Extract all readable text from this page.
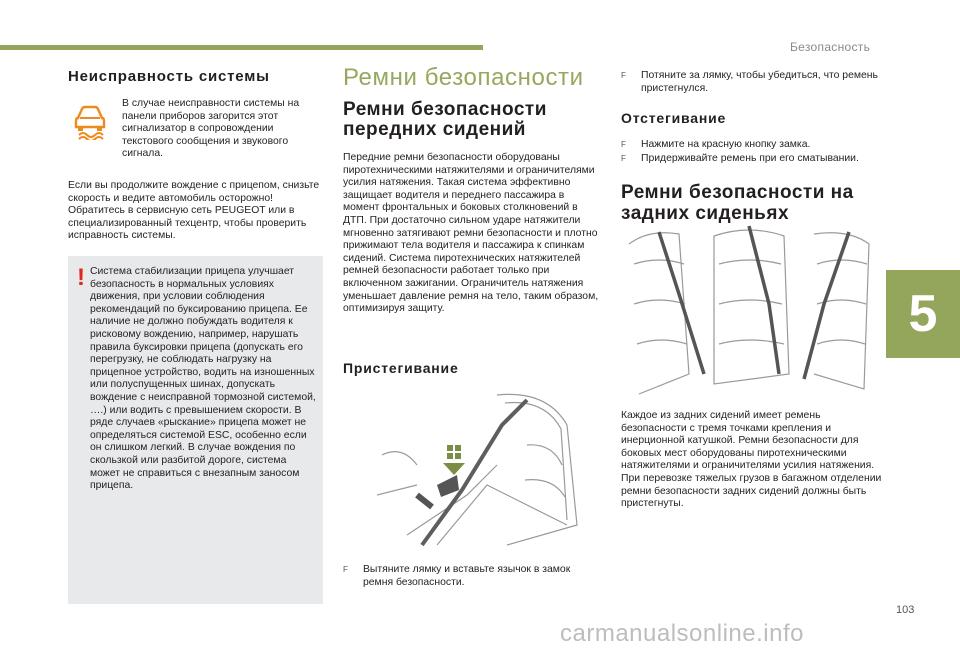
Безопасность
5
103
Неисправность системы
В случае неисправности системы на панели приборов загорится этот сигнализатор в сопровождении текстового сообщения и звукового сигнала.
Если вы продолжите вождение с прицепом, снизьте скорость и ведите автомобиль осторожно! Обратитесь в сервисную сеть PEUGEOT или в специализированный техцентр, чтобы проверить исправность системы.
! Система стабилизации прицепа улучшает безопасность в нормальных условиях движения, при условии соблюдения рекомендаций по буксированию прицепа. Ее наличие не должно побуждать водителя к рисковому вождению, например, нарушать правила буксировки прицепа (допускать его перегрузку, не соблюдать нагрузку на прицепное устройство, водить на изношенных или полуспущенных шинах, допускать вождение с неисправной тормозной системой, ….) или водить с превышением скорости. В ряде случаев «рыскание» прицепа может не определяться системой ESC, особенно если он слишком легкий. В случае вождения по скользкой или разбитой дороге, система может не справиться с внезапным заносом прицепа.
Ремни безопасности
Ремни безопасности передних сидений
Передние ремни безопасности оборудованы пиротехническими натяжителями и ограничителями усилия натяжения. Такая система эффективно защищает водителя и переднего пассажира в момент фронтальных и боковых столкновений в ДТП. При достаточно сильном ударе натяжители мгновенно затягивают ремни безопасности и плотно прижимают тела водителя и пассажира к спинкам сидений. Система пиротехнических натяжителей ремней безопасности работает только при включенном зажигании. Ограничитель натяжения уменьшает давление ремня на тело, таким образом, оптимизируя защиту.
Пристегивание
F	Вытяните лямку и вставьте язычок в замок ремня безопасности.
F	Потяните за лямку, чтобы убедиться, что ремень пристегнулся.
Отстегивание
F	Нажмите на красную кнопку замка.
F	Придерживайте ремень при его сматывании.
Ремни безопасности на задних сиденьях
Каждое из задних сидений имеет ремень безопасности с тремя точками крепления и инерционной катушкой. Ремни безопасности для боковых мест оборудованы пиротехническими натяжителями и ограничителями усилия натяжения. При перевозке тяжелых грузов в багажном отделении ремни безопасности задних сидений должны быть пристегнуты.
carmanualsonline.info
